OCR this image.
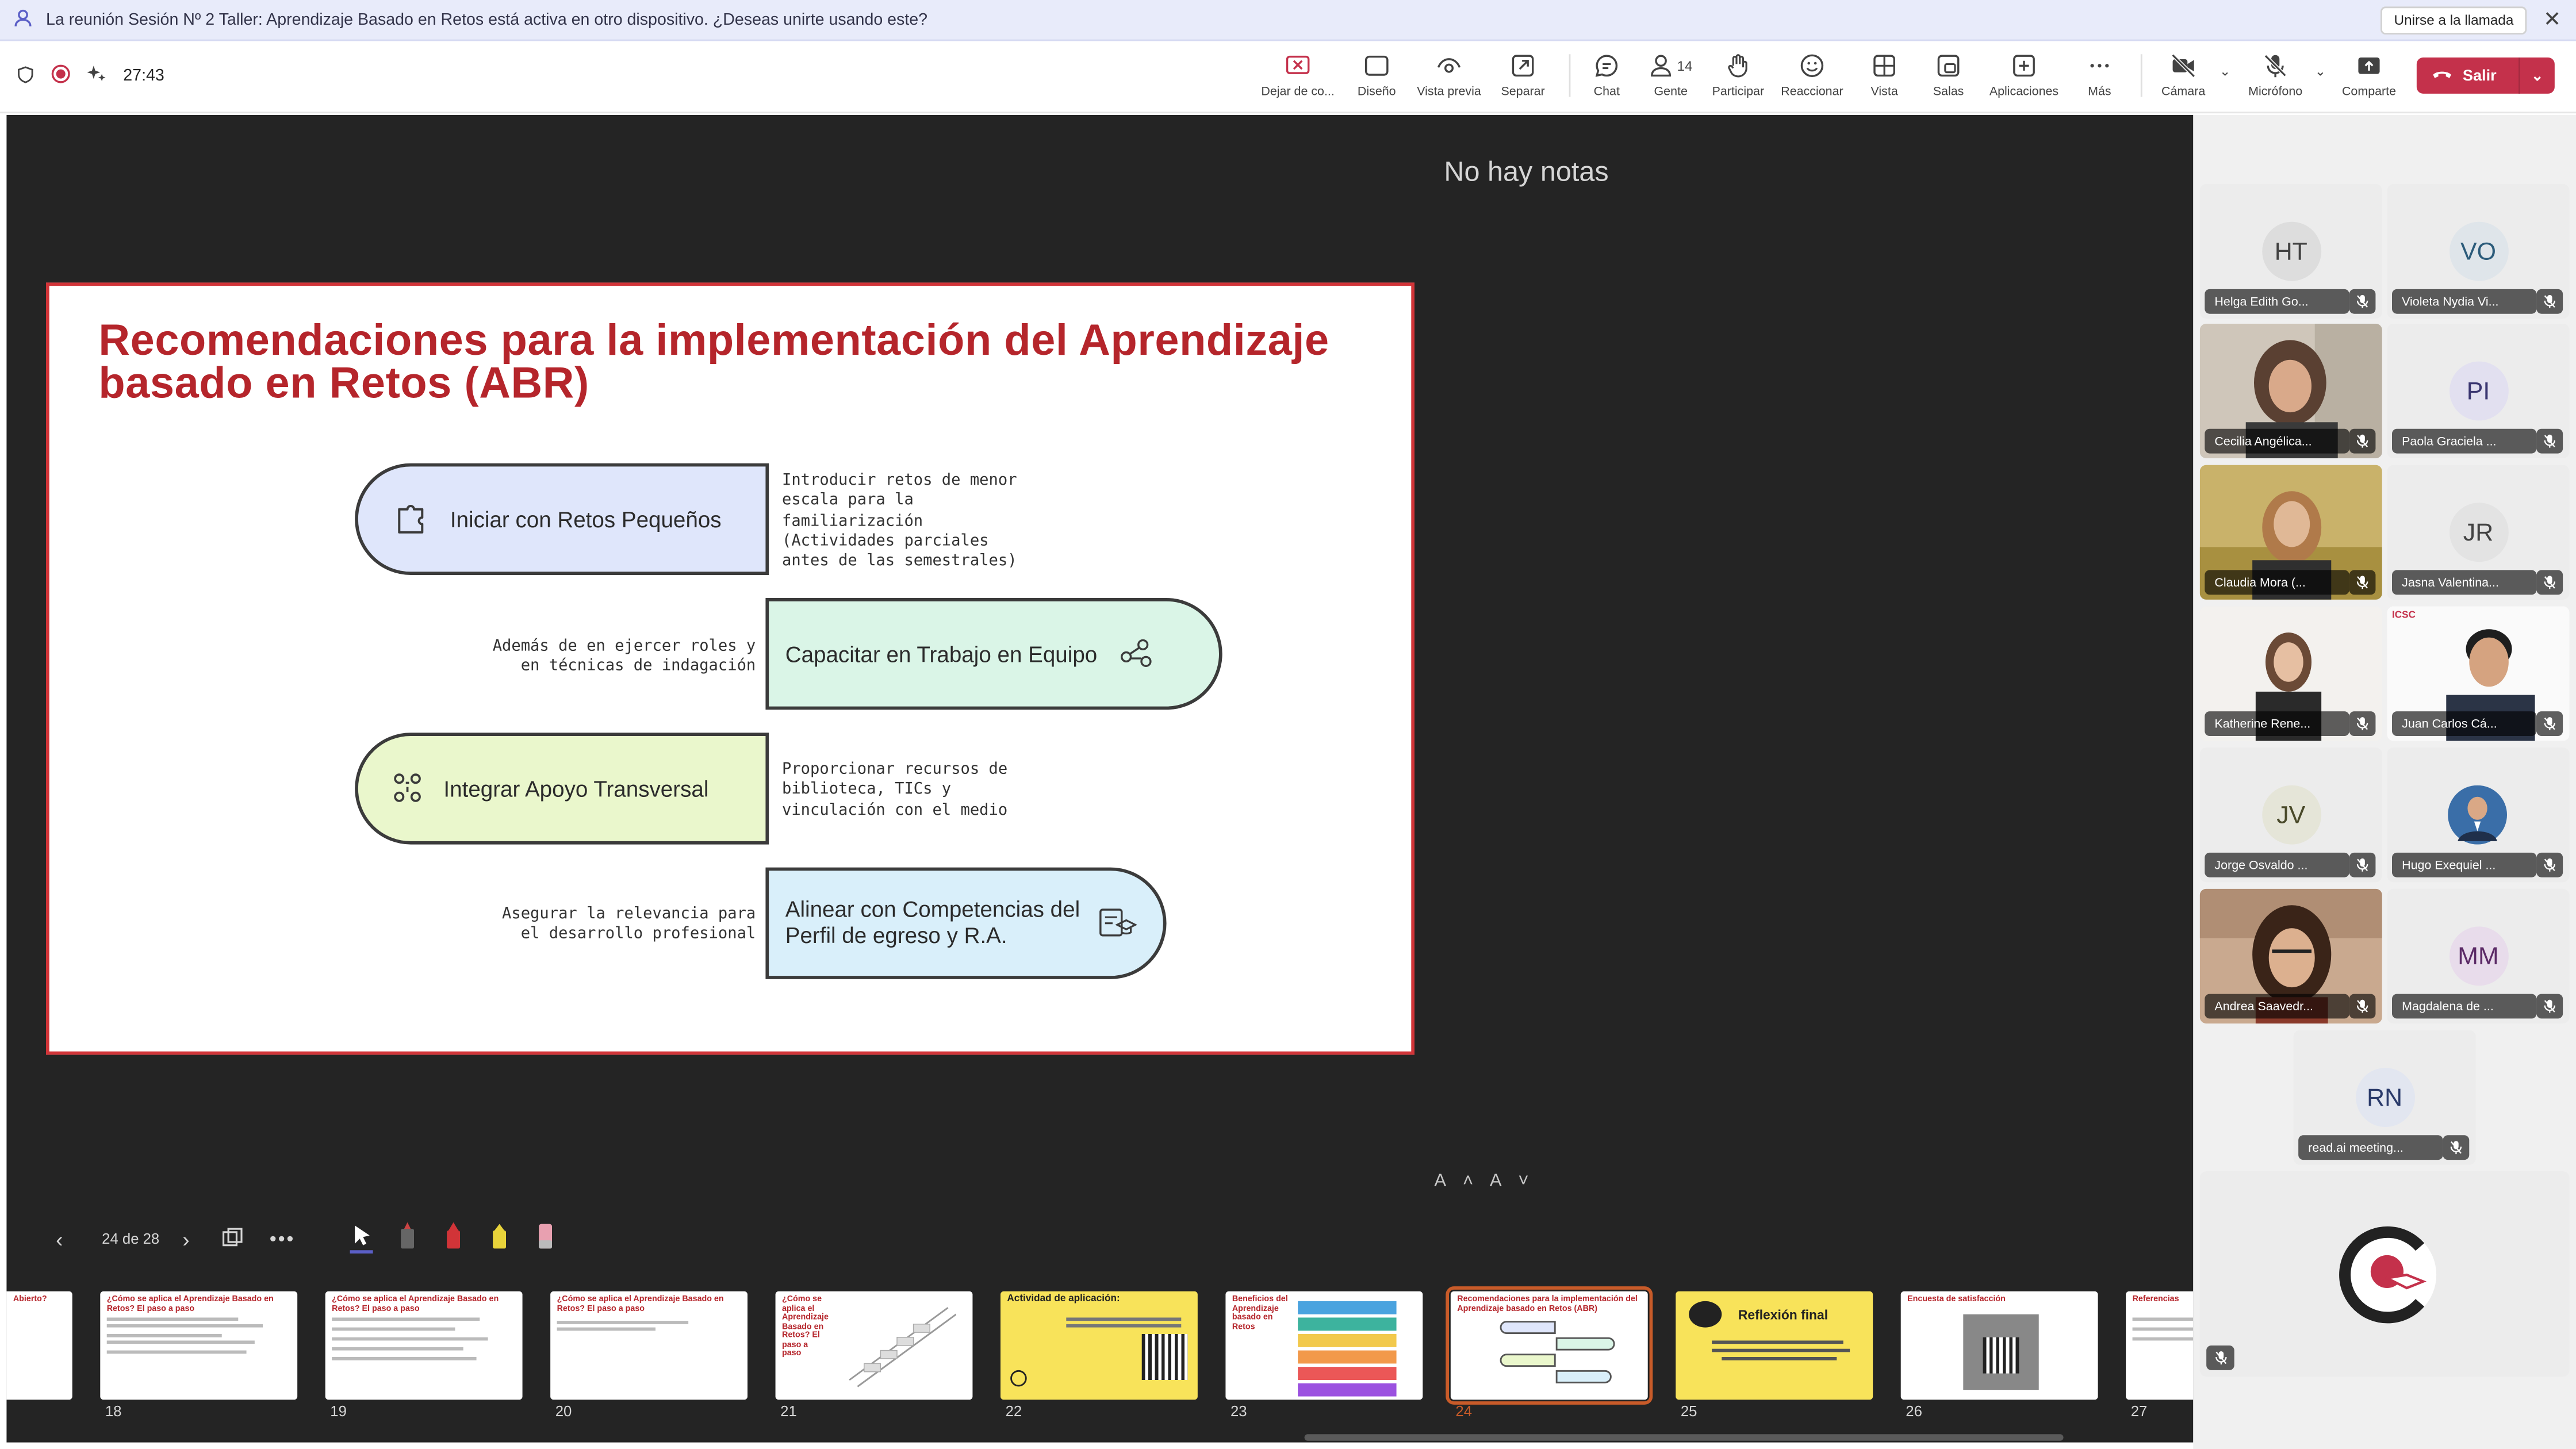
La reunión Sesión Nº 2 Taller: Aprendizaje Basado en Retos está activa en otro dispositivo. ¿Deseas unirte usando este?	Unirse a la llamada	✕
27:43
Dejar de co...	Diseño	Vista previa	Separar	Chat
14
Gente	Participar	Reaccionar	Vista	Salas	Aplicaciones	Más	Cámara
⌄
Micrófono
⌄
Comparte
Salir	⌄
No hay notas
Recomendaciones para la implementación del Aprendizaje basado en Retos (ABR)
Iniciar con Retos Pequeños
Introducir retos de menor escala para la familiarización (Actividades parciales antes de las semestrales)
Capacitar en Trabajo en Equipo
Además de en ejercer roles y en técnicas de indagación
Integrar Apoyo Transversal
Proporcionar recursos de biblioteca, TICs y vinculación con el medio
Alinear con Competencias del Perfil de egreso y R.A.
Asegurar la relevancia para el desarrollo profesional
A˄A˅
‹	24 de 28	›	•••
Abierto?	¿Cómo se aplica el Aprendizaje Basado en Retos? El paso a paso
18
¿Cómo se aplica el Aprendizaje Basado en Retos? El paso a paso
19
¿Cómo se aplica el Aprendizaje Basado en Retos? El paso a paso
20
¿Cómo se aplica el Aprendizaje Basado en Retos? El paso a paso
21
Actividad de aplicación:
22
Beneficios del Aprendizaje basado en Retos
23
Recomendaciones para la implementación del Aprendizaje basado en Retos (ABR)
24
Reflexión final
25
Encuesta de satisfacción
26
Referencias
27
HT
Helga Edith Go...
VO
Violeta Nydia Vi...
Cecilia Angélica...
PI
Paola Graciela ...
Claudia Mora (...
JR
Jasna Valentina...
Katherine Rene...
ICSC
Juan Carlos Cá...
JV
Jorge Osvaldo ...	Hugo Exequiel ...
Andrea Saavedr...
MM
Magdalena de ...
RN
read.ai meeting...
